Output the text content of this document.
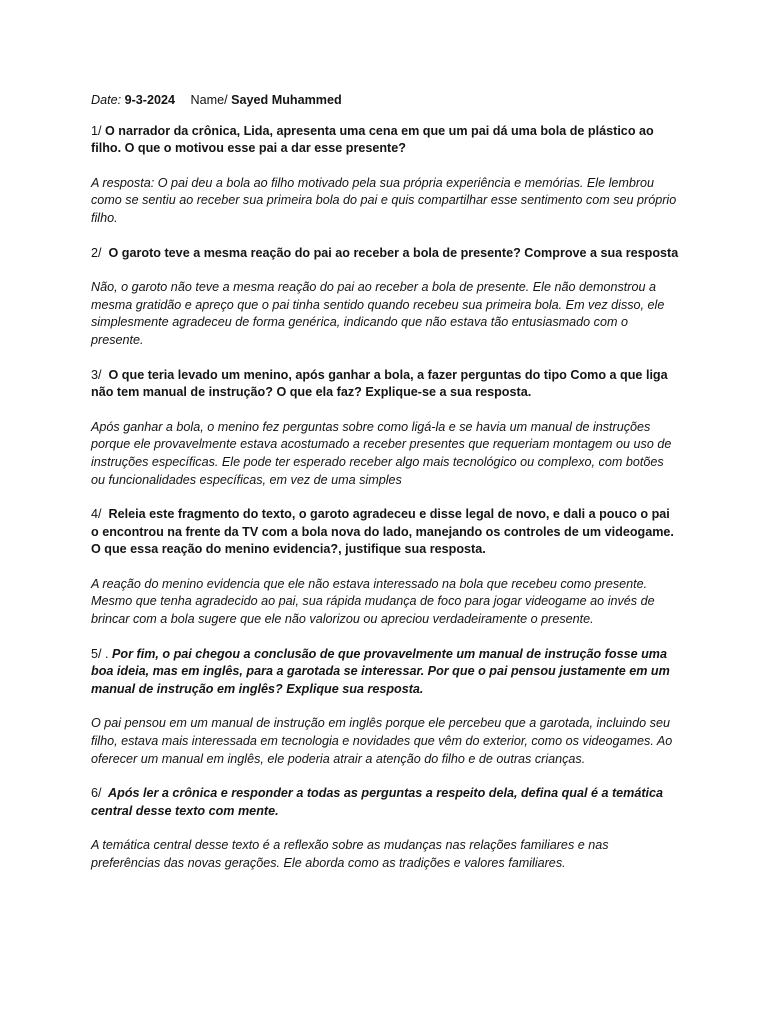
Date: 9-3-2024 Name/ Sayed Muhammed

1/ O narrador da crônica, Lida, apresenta uma cena em que um pai dá uma bola de plástico ao filho. O que o motivou esse pai a dar esse presente?

A resposta: O pai deu a bola ao filho motivado pela sua própria experiência e memórias. Ele lembrou como se sentiu ao receber sua primeira bola do pai e quis compartilhar esse sentimento com seu próprio filho.

2/ O garoto teve a mesma reação do pai ao receber a bola de presente? Comprove a sua resposta

Não, o garoto não teve a mesma reação do pai ao receber a bola de presente. Ele não demonstrou a mesma gratidão e apreço que o pai tinha sentido quando recebeu sua primeira bola. Em vez disso, ele simplesmente agradeceu de forma genérica, indicando que não estava tão entusiasmado com o presente.

3/ O que teria levado um menino, após ganhar a bola, a fazer perguntas do tipo Como a que liga não tem manual de instrução? O que ela faz? Explique-se a sua resposta.

Após ganhar a bola, o menino fez perguntas sobre como ligá-la e se havia um manual de instruções porque ele provavelmente estava acostumado a receber presentes que requeriam montagem ou uso de instruções específicas. Ele pode ter esperado receber algo mais tecnológico ou complexo, com botões ou funcionalidades específicas, em vez de uma simples

4/ Releia este fragmento do texto, o garoto agradeceu e disse legal de novo, e dali a pouco o pai o encontrou na frente da TV com a bola nova do lado, manejando os controles de um videogame. O que essa reação do menino evidencia?, justifique sua resposta.

A reação do menino evidencia que ele não estava interessado na bola que recebeu como presente. Mesmo que tenha agradecido ao pai, sua rápida mudança de foco para jogar videogame ao invés de brincar com a bola sugere que ele não valorizou ou apreciou verdadeiramente o presente.

5/ . Por fim, o pai chegou a conclusão de que provavelmente um manual de instrução fosse uma boa ideia, mas em inglês, para a garotada se interessar. Por que o pai pensou justamente em um manual de instrução em inglês? Explique sua resposta.

O pai pensou em um manual de instrução em inglês porque ele percebeu que a garotada, incluindo seu filho, estava mais interessada em tecnologia e novidades que vêm do exterior, como os videogames. Ao oferecer um manual em inglês, ele poderia atrair a atenção do filho e de outras crianças.

6/ Após ler a crônica e responder a todas as perguntas a respeito dela, defina qual é a temática central desse texto com mente.

A temática central desse texto é a reflexão sobre as mudanças nas relações familiares e nas preferências das novas gerações. Ele aborda como as tradições e valores familiares.
